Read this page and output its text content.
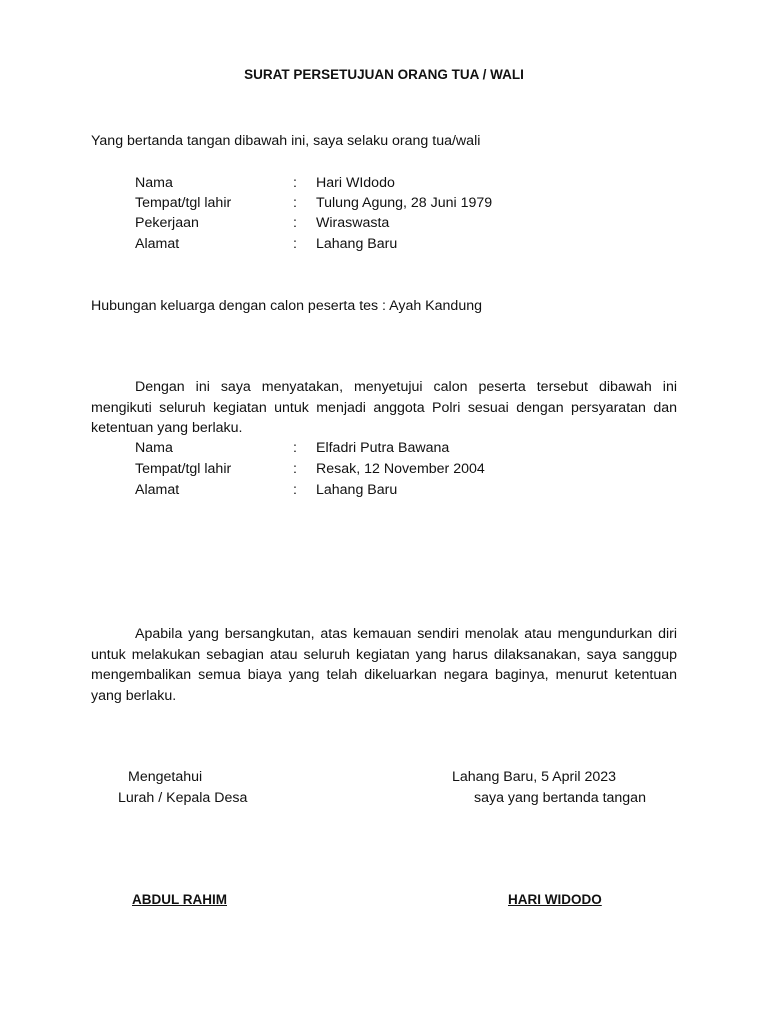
SURAT PERSETUJUAN ORANG TUA / WALI
Yang bertanda tangan dibawah ini, saya selaku orang tua/wali
Nama	: Hari WIdodo
Tempat/tgl lahir	: Tulung Agung, 28 Juni 1979
Pekerjaan	: Wiraswasta
Alamat	: Lahang Baru
Hubungan keluarga dengan calon peserta tes : Ayah Kandung
Dengan ini saya menyatakan, menyetujui calon peserta tersebut dibawah ini mengikuti seluruh kegiatan untuk menjadi anggota Polri sesuai dengan persyaratan dan ketentuan yang berlaku.
Nama	: Elfadri Putra Bawana
Tempat/tgl lahir	: Resak, 12 November 2004
Alamat	: Lahang Baru
Apabila yang bersangkutan, atas kemauan sendiri menolak atau mengundurkan diri untuk melakukan sebagian atau seluruh kegiatan yang harus dilaksanakan, saya sanggup mengembalikan semua biaya yang telah dikeluarkan negara baginya, menurut ketentuan yang berlaku.
Mengetahui
Lurah / Kepala Desa
ABDUL RAHIM
Lahang Baru, 5 April 2023
saya yang bertanda tangan
HARI WIDODO
